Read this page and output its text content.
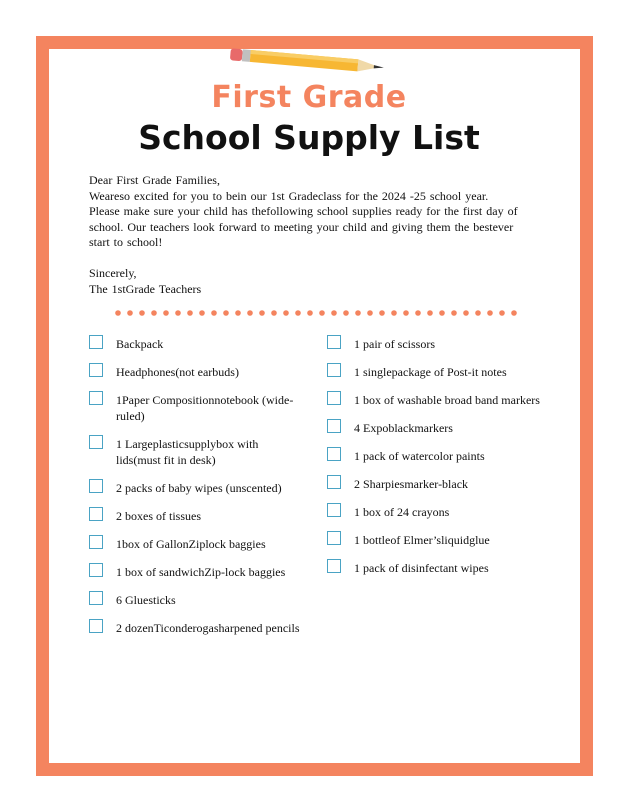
First Grade
School Supply List

Dear First Grade Families,

Weareso excited for you to bein our 1st Gradeclass for the 2024 -25 school year. Please make sure your child has thefollowing school supplies ready for the first day of school. Our teachers look forward to meeting your child and giving them the bestever start to school!

Sincerely,

The 1stGrade Teachers

Backpack
Headphones(not earbuds)
1Paper Compositionnotebook (wide-ruled)
1 Largeplasticsupplybox with lids(must fit in desk)
2 packs of baby wipes (unscented)
2 boxes of tissues
1box of GallonZiplock baggies
1 box of sandwichZip-lock baggies
6 Gluesticks
2 dozenTiconderogasharpened pencils
1 pair of scissors
1 singlepackage of Post-it notes
1 box of washable broad band markers
4 Expoblackmarkers
1 pack of watercolor paints
2 Sharpiesmarker-black
1 box of 24 crayons
1 bottleof Elmer’sliquidglue
1 pack of disinfectant wipes
